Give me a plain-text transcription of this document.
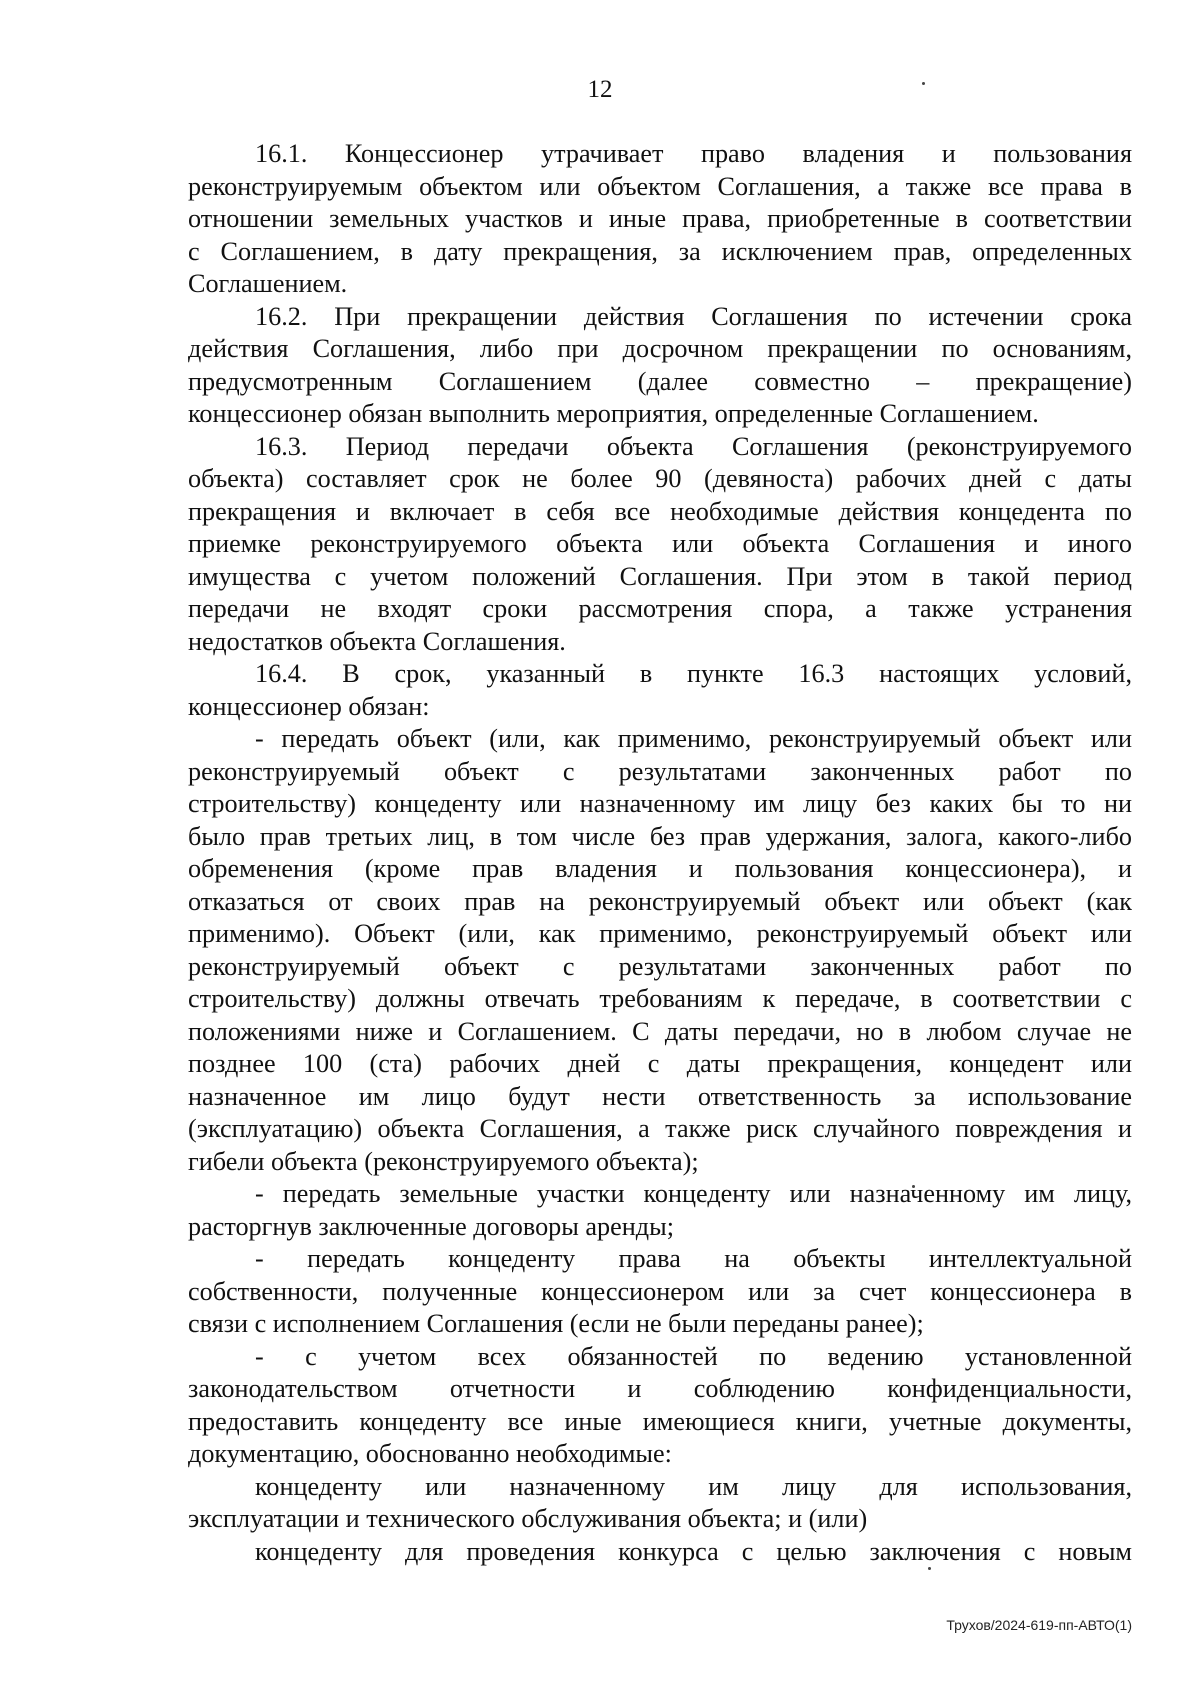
12
16.1. Концессионер утрачивает право владения и пользования
реконструируемым объектом или объектом Соглашения, а также все права в
отношении земельных участков и иные права, приобретенные в соответствии
с Соглашением, в дату прекращения, за исключением прав, определенных
Соглашением.
16.2. При прекращении действия Соглашения по истечении срока
действия Соглашения, либо при досрочном прекращении по основаниям,
предусмотренным Соглашением (далее совместно – прекращение)
концессионер обязан выполнить мероприятия, определенные Соглашением.
16.3. Период передачи объекта Соглашения (реконструируемого
объекта) составляет срок не более 90 (девяноста) рабочих дней с даты
прекращения и включает в себя все необходимые действия концедента по
приемке реконструируемого объекта или объекта Соглашения и иного
имущества с учетом положений Соглашения. При этом в такой период
передачи не входят сроки рассмотрения спора, а также устранения
недостатков объекта Соглашения.
16.4. В срок, указанный в пункте 16.3 настоящих условий,
концессионер обязан:
- передать объект (или, как применимо, реконструируемый объект или
реконструируемый объект с результатами законченных работ по
строительству) концеденту или назначенному им лицу без каких бы то ни
было прав третьих лиц, в том числе без прав удержания, залога, какого-либо
обременения (кроме прав владения и пользования концессионера), и
отказаться от своих прав на реконструируемый объект или объект (как
применимо). Объект (или, как применимо, реконструируемый объект или
реконструируемый объект с результатами законченных работ по
строительству) должны отвечать требованиям к передаче, в соответствии с
положениями ниже и Соглашением. С даты передачи, но в любом случае не
позднее 100 (ста) рабочих дней с даты прекращения, концедент или
назначенное им лицо будут нести ответственность за использование
(эксплуатацию) объекта Соглашения, а также риск случайного повреждения и
гибели объекта (реконструируемого объекта);
- передать земельные участки концеденту или назначенному им лицу,
расторгнув заключенные договоры аренды;
- передать концеденту права на объекты интеллектуальной
собственности, полученные концессионером или за счет концессионера в
связи с исполнением Соглашения (если не были переданы ранее);
- с учетом всех обязанностей по ведению установленной
законодательством отчетности и соблюдению конфиденциальности,
предоставить концеденту все иные имеющиеся книги, учетные документы,
документацию, обоснованно необходимые:
концеденту или назначенному им лицу для использования,
эксплуатации и технического обслуживания объекта; и (или)
концеденту для проведения конкурса с целью заключения с новым
Трухов/2024-619-пп-АВТО(1)
